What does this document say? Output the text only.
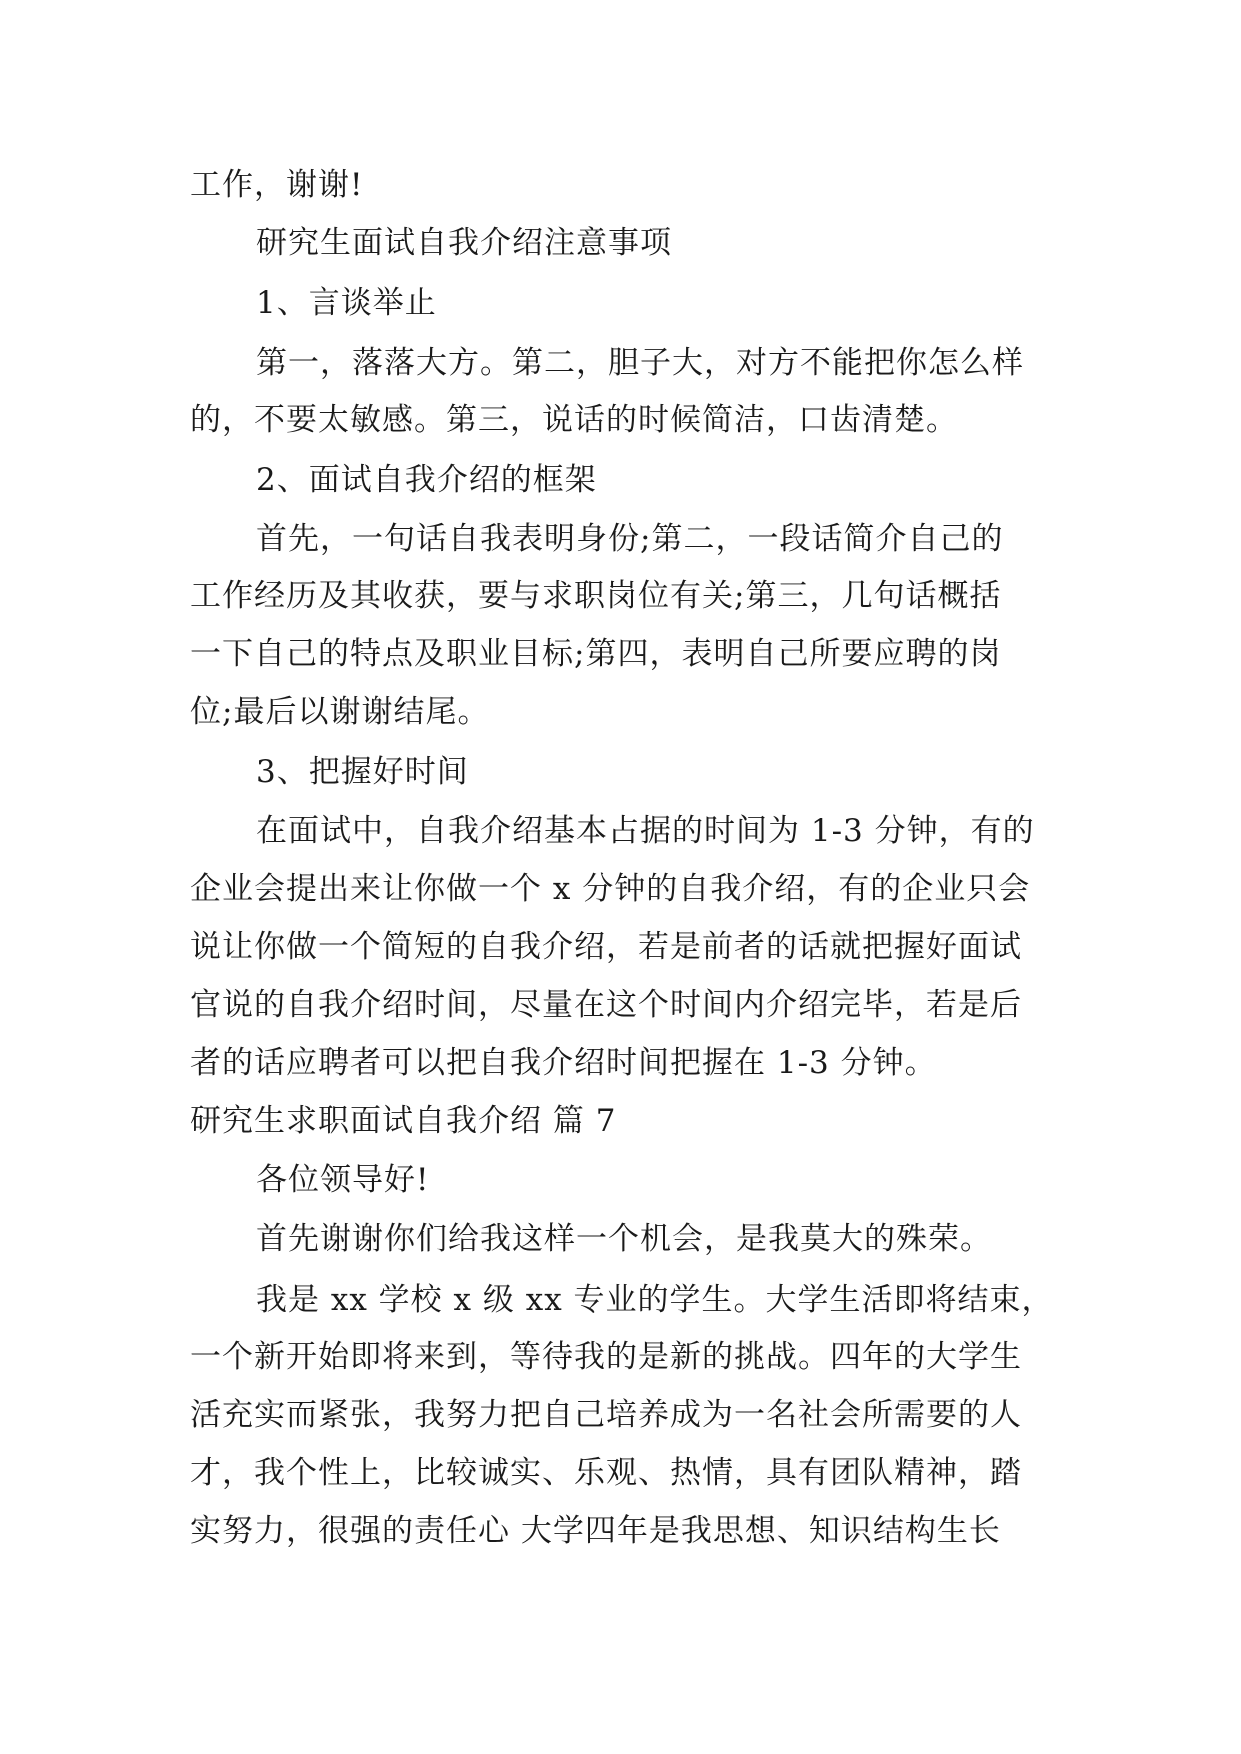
工作，谢谢!
研究生面试自我介绍注意事项
1、言谈举止
第一，落落大方。第二，胆子大，对方不能把你怎么样
的，不要太敏感。第三，说话的时候简洁，口齿清楚。
2、面试自我介绍的框架
首先，一句话自我表明身份;第二，一段话简介自己的
工作经历及其收获，要与求职岗位有关;第三，几句话概括
一下自己的特点及职业目标;第四，表明自己所要应聘的岗
位;最后以谢谢结尾。
3、把握好时间
在面试中，自我介绍基本占据的时间为 1-3 分钟，有的
企业会提出来让你做一个 x 分钟的自我介绍，有的企业只会
说让你做一个简短的自我介绍，若是前者的话就把握好面试
官说的自我介绍时间，尽量在这个时间内介绍完毕，若是后
者的话应聘者可以把自我介绍时间把握在 1-3 分钟。
研究生求职面试自我介绍 篇 7
各位领导好!
首先谢谢你们给我这样一个机会，是我莫大的殊荣。
我是 xx 学校 x 级 xx 专业的学生。大学生活即将结束，
一个新开始即将来到，等待我的是新的挑战。四年的大学生
活充实而紧张，我努力把自己培养成为一名社会所需要的人
才，我个性上，比较诚实、乐观、热情，具有团队精神，踏
实努力，很强的责任心 大学四年是我思想、知识结构生长
